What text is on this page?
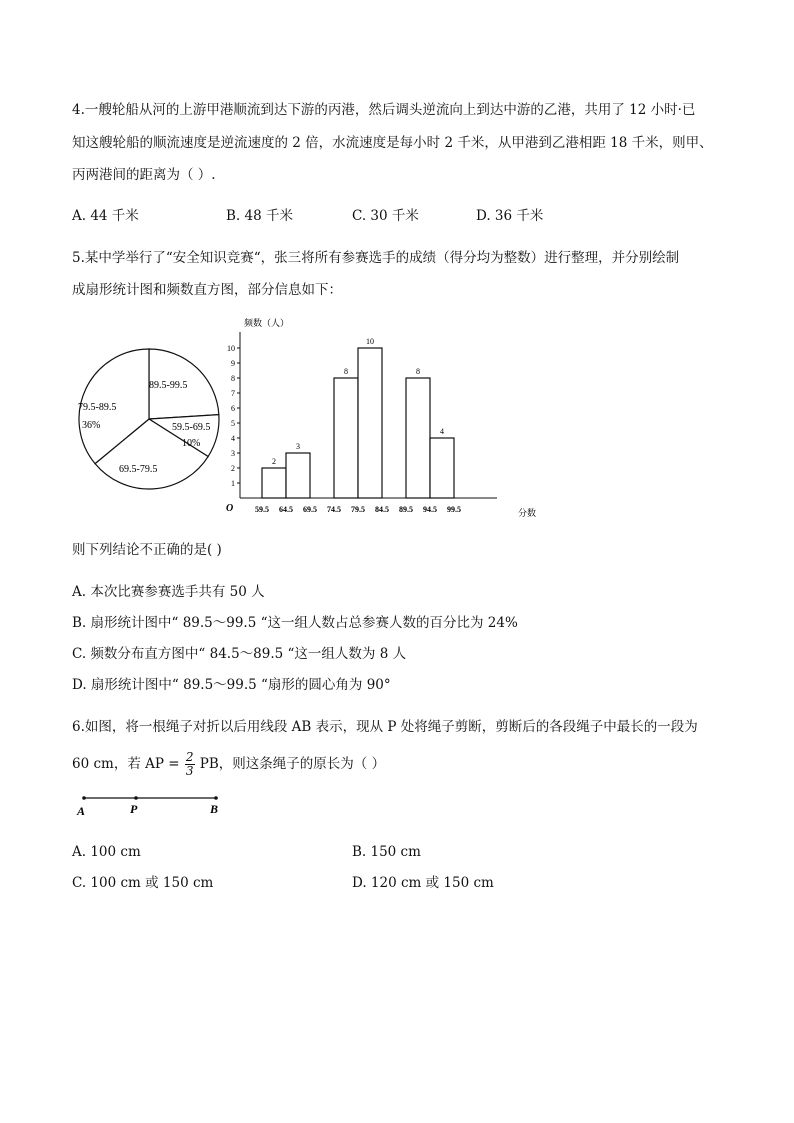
4.一艘轮船从河的上游甲港顺流到达下游的丙港，然后调头逆流向上到达中游的乙港，共用了 12 小时·已
知这艘轮船的顺流速度是逆流速度的 2 倍，水流速度是每小时 2 千米，从甲港到乙港相距 18 千米，则甲、
丙两港间的距离为（ ）.
A. 44 千米	B. 48 千米	C. 30 千米	D. 36 千米
5.某中学举行了“安全知识竞赛“，张三将所有参赛选手的成绩（得分均为整数）进行整理，并分别绘制
成扇形统计图和频数直方图，部分信息如下：
89.5-99.5
59.5-69.5
10%
69.5-79.5
79.5-89.5
36%
频数（人）
O	分数
1
2
3
4
5
6
7
8
9
10
59.5 64.5 69.5 74.5 79.5 84.5 89.5 94.5 99.5
2
3
8
10
8
4
则下列结论不正确的是( )
A. 本次比赛参赛选手共有 50 人
B. 扇形统计图中“ 89.5～99.5 “这一组人数占总参赛人数的百分比为 24%
C. 频数分布直方图中“ 84.5～89.5 “这一组人数为 8 人
D. 扇形统计图中“ 89.5～99.5 “扇形的圆心角为 90°
6.如图，将一根绳子对折以后用线段 AB 表示，现从 P 处将绳子剪断，剪断后的各段绳子中最长的一段为
60 cm，若 AP = $\frac{2}{3}$ PB，则这条绳子的原长为（ ）
A	P	B
A. 100 cm	B. 150 cm
C. 100 cm 或 150 cm	D. 120 cm 或 150 cm
